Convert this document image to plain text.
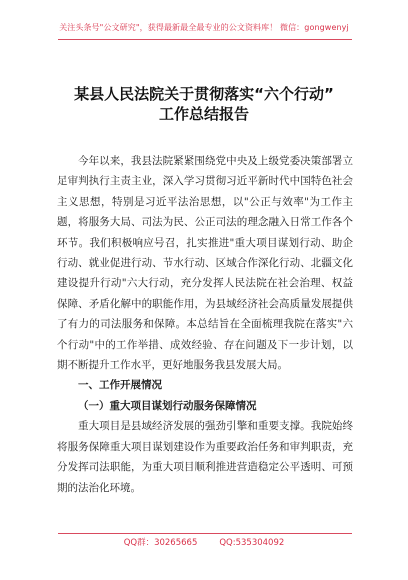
关注头条号"公文研究"，获得最新最全最专业的公文资料库！ 微信：gongwenyj
某县人民法院关于贯彻落实“六个行动”
工作总结报告

今年以来，我县法院紧紧围绕党中央及上级党委决策部署立足审判执行主责主业，深入学习贯彻习近平新时代中国特色社会主义思想，特别是习近平法治思想，以"公正与效率"为工作主题，将服务大局、司法为民、公正司法的理念融入日常工作各个环节。我们积极响应号召，扎实推进"重大项目谋划行动、助企行动、就业促进行动、节水行动、区域合作深化行动、北疆文化建设提升行动"六大行动，充分发挥人民法院在社会治理、权益保障、矛盾化解中的职能作用，为县域经济社会高质量发展提供了有力的司法服务和保障。本总结旨在全面梳理我院在落实"六个行动"中的工作举措、成效经验、存在问题及下一步计划，以期不断提升工作水平，更好地服务我县发展大局。

一、工作开展情况
（一）重大项目谋划行动服务保障情况

重大项目是县域经济发展的强劲引擎和重要支撑。我院始终将服务保障重大项目谋划建设作为重要政治任务和审判职责，充分发挥司法职能，为重大项目顺利推进营造稳定公平透明、可预期的法治化环境。

QQ群：30265665	QQ:535304092
